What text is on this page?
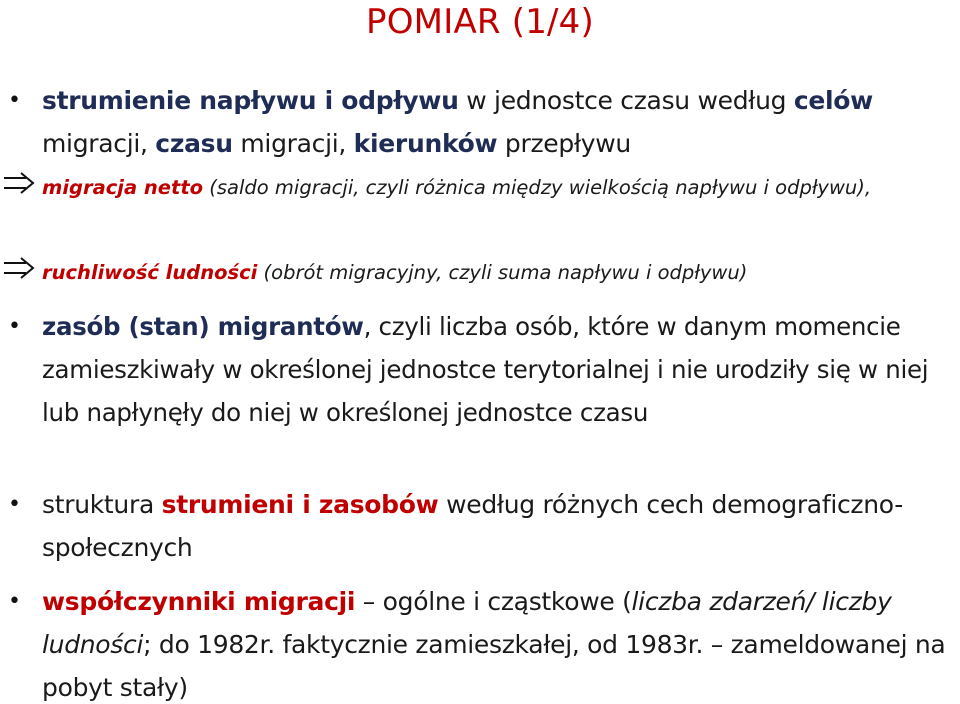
POMIAR (1/4)

• strumienie napływu i odpływu w jednostce czasu według celów migracji, czasu migracji, kierunków przepływu

migracja netto (saldo migracji, czyli różnica między wielkością napływu i odpływu),

ruchliwość ludności (obrót migracyjny, czyli suma napływu i odpływu)

• zasób (stan) migrantów, czyli liczba osób, które w danym momencie zamieszkiwały w określonej jednostce terytorialnej i nie urodziły się w niej lub napłynęły do niej w określonej jednostce czasu

• struktura strumieni i zasobów według różnych cech demograficzno-społecznych

• współczynniki migracji – ogólne i cząstkowe (liczba zdarzeń/ liczby ludności; do 1982r. faktycznie zamieszkałej, od 1983r. – zameldowanej na pobyt stały)
